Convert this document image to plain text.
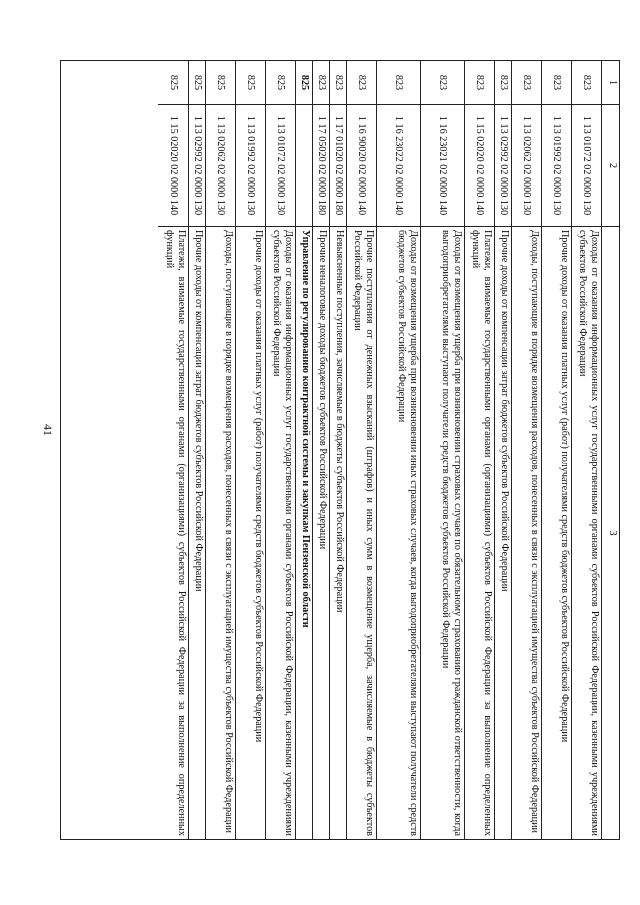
41
1
2
3
823
1 13 01072 02 0000 130
Доходы от оказания информационных услуг государственными органами субъектов Российской Федерации, казенными учреждениями субъектов Российской Федерации
823
1 13 01992 02 0000 130
Прочие доходы от оказания платных услуг (работ) получателями средств бюджетов субъектов Российской Федерации
823
1 13 02062 02 0000 130
Доходы, поступающие в порядке возмещения расходов, понесенных в связи с эксплуатацией имущества субъектов Российской Федерации
823
1 13 02992 02 0000 130
Прочие доходы от компенсации затрат бюджетов субъектов Российской Федерации
823
1 15 02020 02 0000 140
Платежи, взимаемые государственными органами (организациями) субъектов Российской Федерации за выполнение определенных функций
823
1 16 23021 02 0000 140
Доходы от возмещения ущерба при возникновении страховых случаев по обязательному страхованию гражданской ответственности, когда выгодоприобретателями выступают получатели средств бюджетов субъектов Российской Федерации
823
1 16 23022 02 0000 140
Доходы от возмещения ущерба при возникновении иных страховых случаев, когда выгодоприобретателями выступают получатели средств бюджетов субъектов Российской Федерации
823
1 16 90020 02 0000 140
Прочие поступления от денежных взысканий (штрафов) и иных сумм в возмещение ущерба, зачисляемые в бюджеты субъектов Российской Федерации
823
1 17 01020 02 0000 180
Невыясненные поступления, зачисляемые в бюджеты субъектов Российской Федерации
823
1 17 05020 02 0000 180
Прочие неналоговые доходы бюджетов субъектов Российской Федерации
825
Управление по регулированию контрактной системы и закупкам Пензенской области
825
1 13 01072 02 0000 130
Доходы от оказания информационных услуг государственными органами субъектов Российской Федерации, казенными учреждениями субъектов Российской Федерации
825
1 13 01992 02 0000 130
Прочие доходы от оказания платных услуг (работ) получателями средств бюджетов субъектов Российской Федерации
825
1 13 02062 02 0000 130
Доходы, поступающие в порядке возмещения расходов, понесенных в связи с эксплуатацией имущества субъектов Российской Федерации
825
1 13 02992 02 0000 130
Прочие доходы от компенсации затрат бюджетов субъектов Российской Федерации
825
1 15 02020 02 0000 140
Платежи, взимаемые государственными органами (организациями) субъектов Российской Федерации за выполнение определенных функций
